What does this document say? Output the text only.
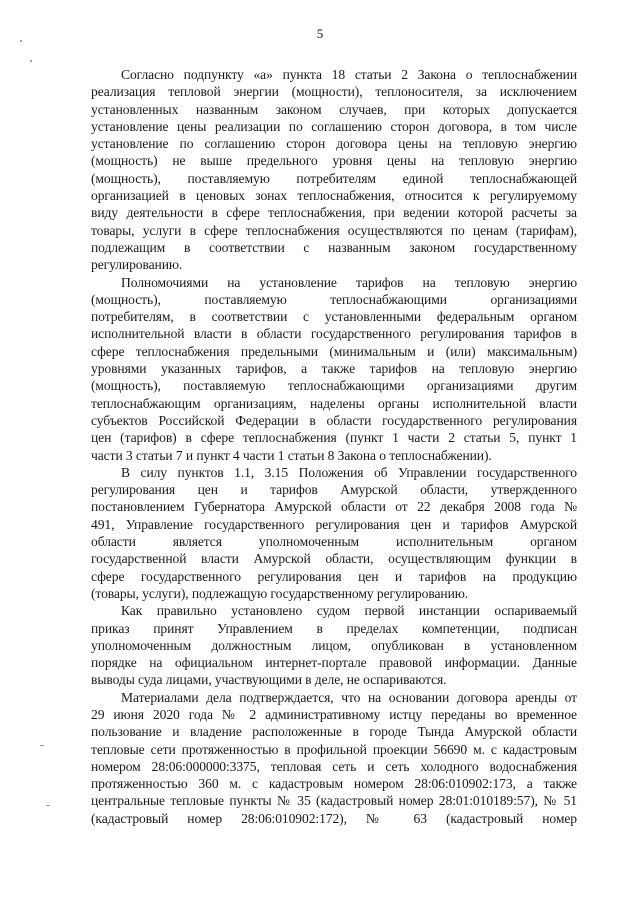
5

Согласно подпункту «а» пункта 18 статьи 2 Закона о теплоснабжении
реализация тепловой энергии (мощности), теплоносителя, за исключением
установленных названным законом случаев, при которых допускается
установление цены реализации по соглашению сторон договора, в том числе
установление по соглашению сторон договора цены на тепловую энергию
(мощность) не выше предельного уровня цены на тепловую энергию
(мощность), поставляемую потребителям единой теплоснабжающей
организацией в ценовых зонах теплоснабжения, относится к регулируемому
виду деятельности в сфере теплоснабжения, при ведении которой расчеты за
товары, услуги в сфере теплоснабжения осуществляются по ценам (тарифам),
подлежащим в соответствии с названным законом государственному
регулированию.

Полномочиями на установление тарифов на тепловую энергию
(мощность), поставляемую теплоснабжающими организациями
потребителям, в соответствии с установленными федеральным органом
исполнительной власти в области государственного регулирования тарифов в
сфере теплоснабжения предельными (минимальным и (или) максимальным)
уровнями указанных тарифов, а также тарифов на тепловую энергию
(мощность), поставляемую теплоснабжающими организациями другим
теплоснабжающим организациям, наделены органы исполнительной власти
субъектов Российской Федерации в области государственного регулирования
цен (тарифов) в сфере теплоснабжения (пункт 1 части 2 статьи 5, пункт 1
части 3 статьи 7 и пункт 4 части 1 статьи 8 Закона о теплоснабжении).

В силу пунктов 1.1, 3.15 Положения об Управлении государственного
регулирования цен и тарифов Амурской области, утвержденного
постановлением Губернатора Амурской области от 22 декабря 2008 года №
491, Управление государственного регулирования цен и тарифов Амурской
области является уполномоченным исполнительным органом
государственной власти Амурской области, осуществляющим функции в
сфере государственного регулирования цен и тарифов на продукцию
(товары, услуги), подлежащую государственному регулированию.

Как правильно установлено судом первой инстанции оспариваемый
приказ принят Управлением в пределах компетенции, подписан
уполномоченным должностным лицом, опубликован в установленном
порядке на официальном интернет-портале правовой информации. Данные
выводы суда лицами, участвующими в деле, не оспариваются.

Материалами дела подтверждается, что на основании договора аренды от
29 июня 2020 года № 2 административному истцу переданы во временное
пользование и владение расположенные в городе Тында Амурской области
тепловые сети протяженностью в профильной проекции 56690 м. с кадастровым
номером 28:06:000000:3375, тепловая сеть и сеть холодного водоснабжения
протяженностью 360 м. с кадастровым номером 28:06:010902:173, а также
центральные тепловые пункты № 35 (кадастровый номер 28:01:010189:57), № 51
(кадастровый номер 28:06:010902:172), № 63 (кадастровый номер
